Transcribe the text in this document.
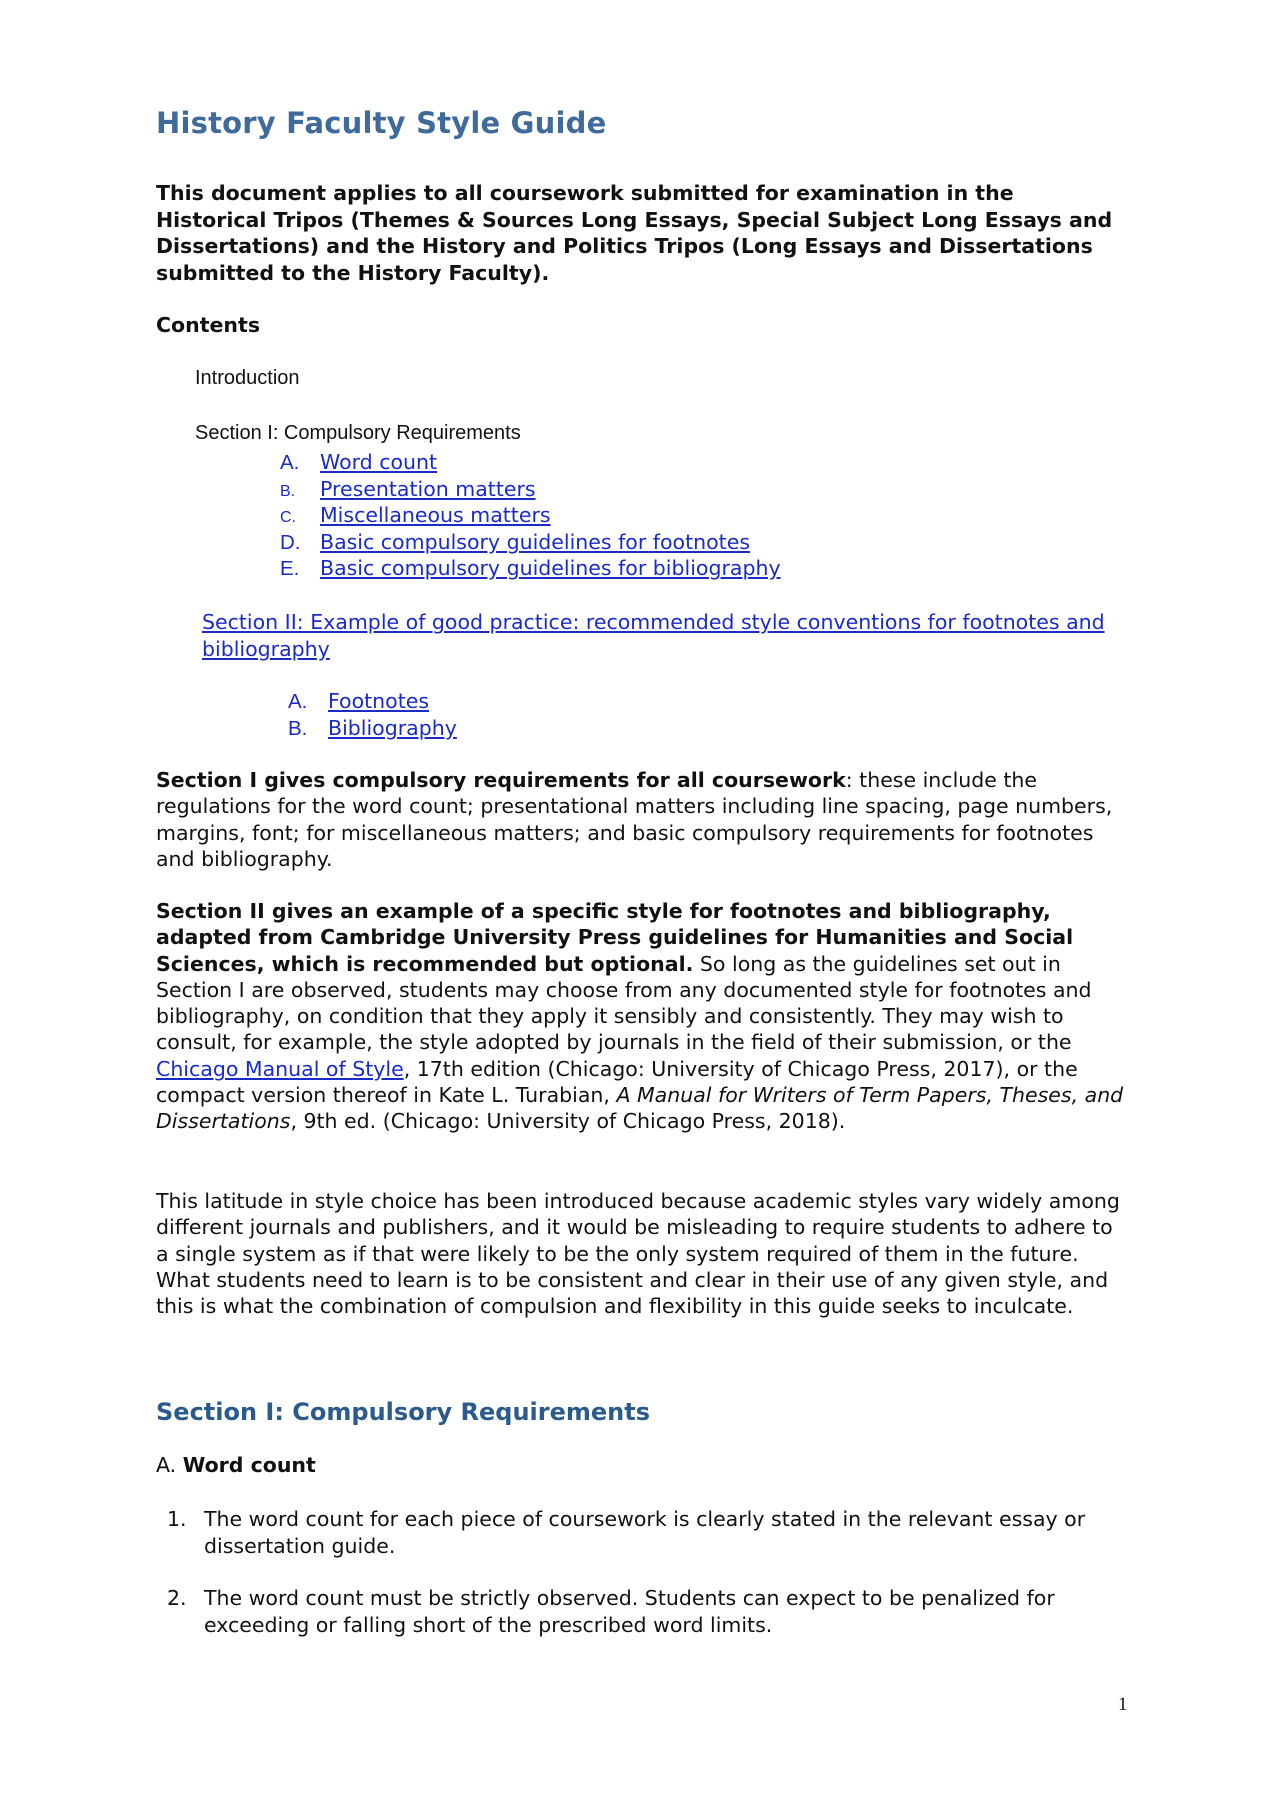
History Faculty Style Guide

This document applies to all coursework submitted for examination in the Historical Tripos (Themes & Sources Long Essays, Special Subject Long Essays and Dissertations) and the History and Politics Tripos (Long Essays and Dissertations submitted to the History Faculty).

Contents
Introduction
Section I: Compulsory Requirements
A. Word count
B. Presentation matters
C. Miscellaneous matters
D. Basic compulsory guidelines for footnotes
E. Basic compulsory guidelines for bibliography
Section II: Example of good practice: recommended style conventions for footnotes and bibliography
A. Footnotes
B. Bibliography

Section I gives compulsory requirements for all coursework: these include the regulations for the word count; presentational matters including line spacing, page numbers, margins, font; for miscellaneous matters; and basic compulsory requirements for footnotes and bibliography.

Section II gives an example of a specific style for footnotes and bibliography, adapted from Cambridge University Press guidelines for Humanities and Social Sciences, which is recommended but optional. So long as the guidelines set out in Section I are observed, students may choose from any documented style for footnotes and bibliography, on condition that they apply it sensibly and consistently. They may wish to consult, for example, the style adopted by journals in the field of their submission, or the Chicago Manual of Style, 17th edition (Chicago: University of Chicago Press, 2017), or the compact version thereof in Kate L. Turabian, A Manual for Writers of Term Papers, Theses, and Dissertations, 9th ed. (Chicago: University of Chicago Press, 2018).

This latitude in style choice has been introduced because academic styles vary widely among different journals and publishers, and it would be misleading to require students to adhere to a single system as if that were likely to be the only system required of them in the future. What students need to learn is to be consistent and clear in their use of any given style, and this is what the combination of compulsion and flexibility in this guide seeks to inculcate.

Section I: Compulsory Requirements
A. Word count
1. The word count for each piece of coursework is clearly stated in the relevant essay or dissertation guide.
2. The word count must be strictly observed. Students can expect to be penalized for exceeding or falling short of the prescribed word limits.
1
